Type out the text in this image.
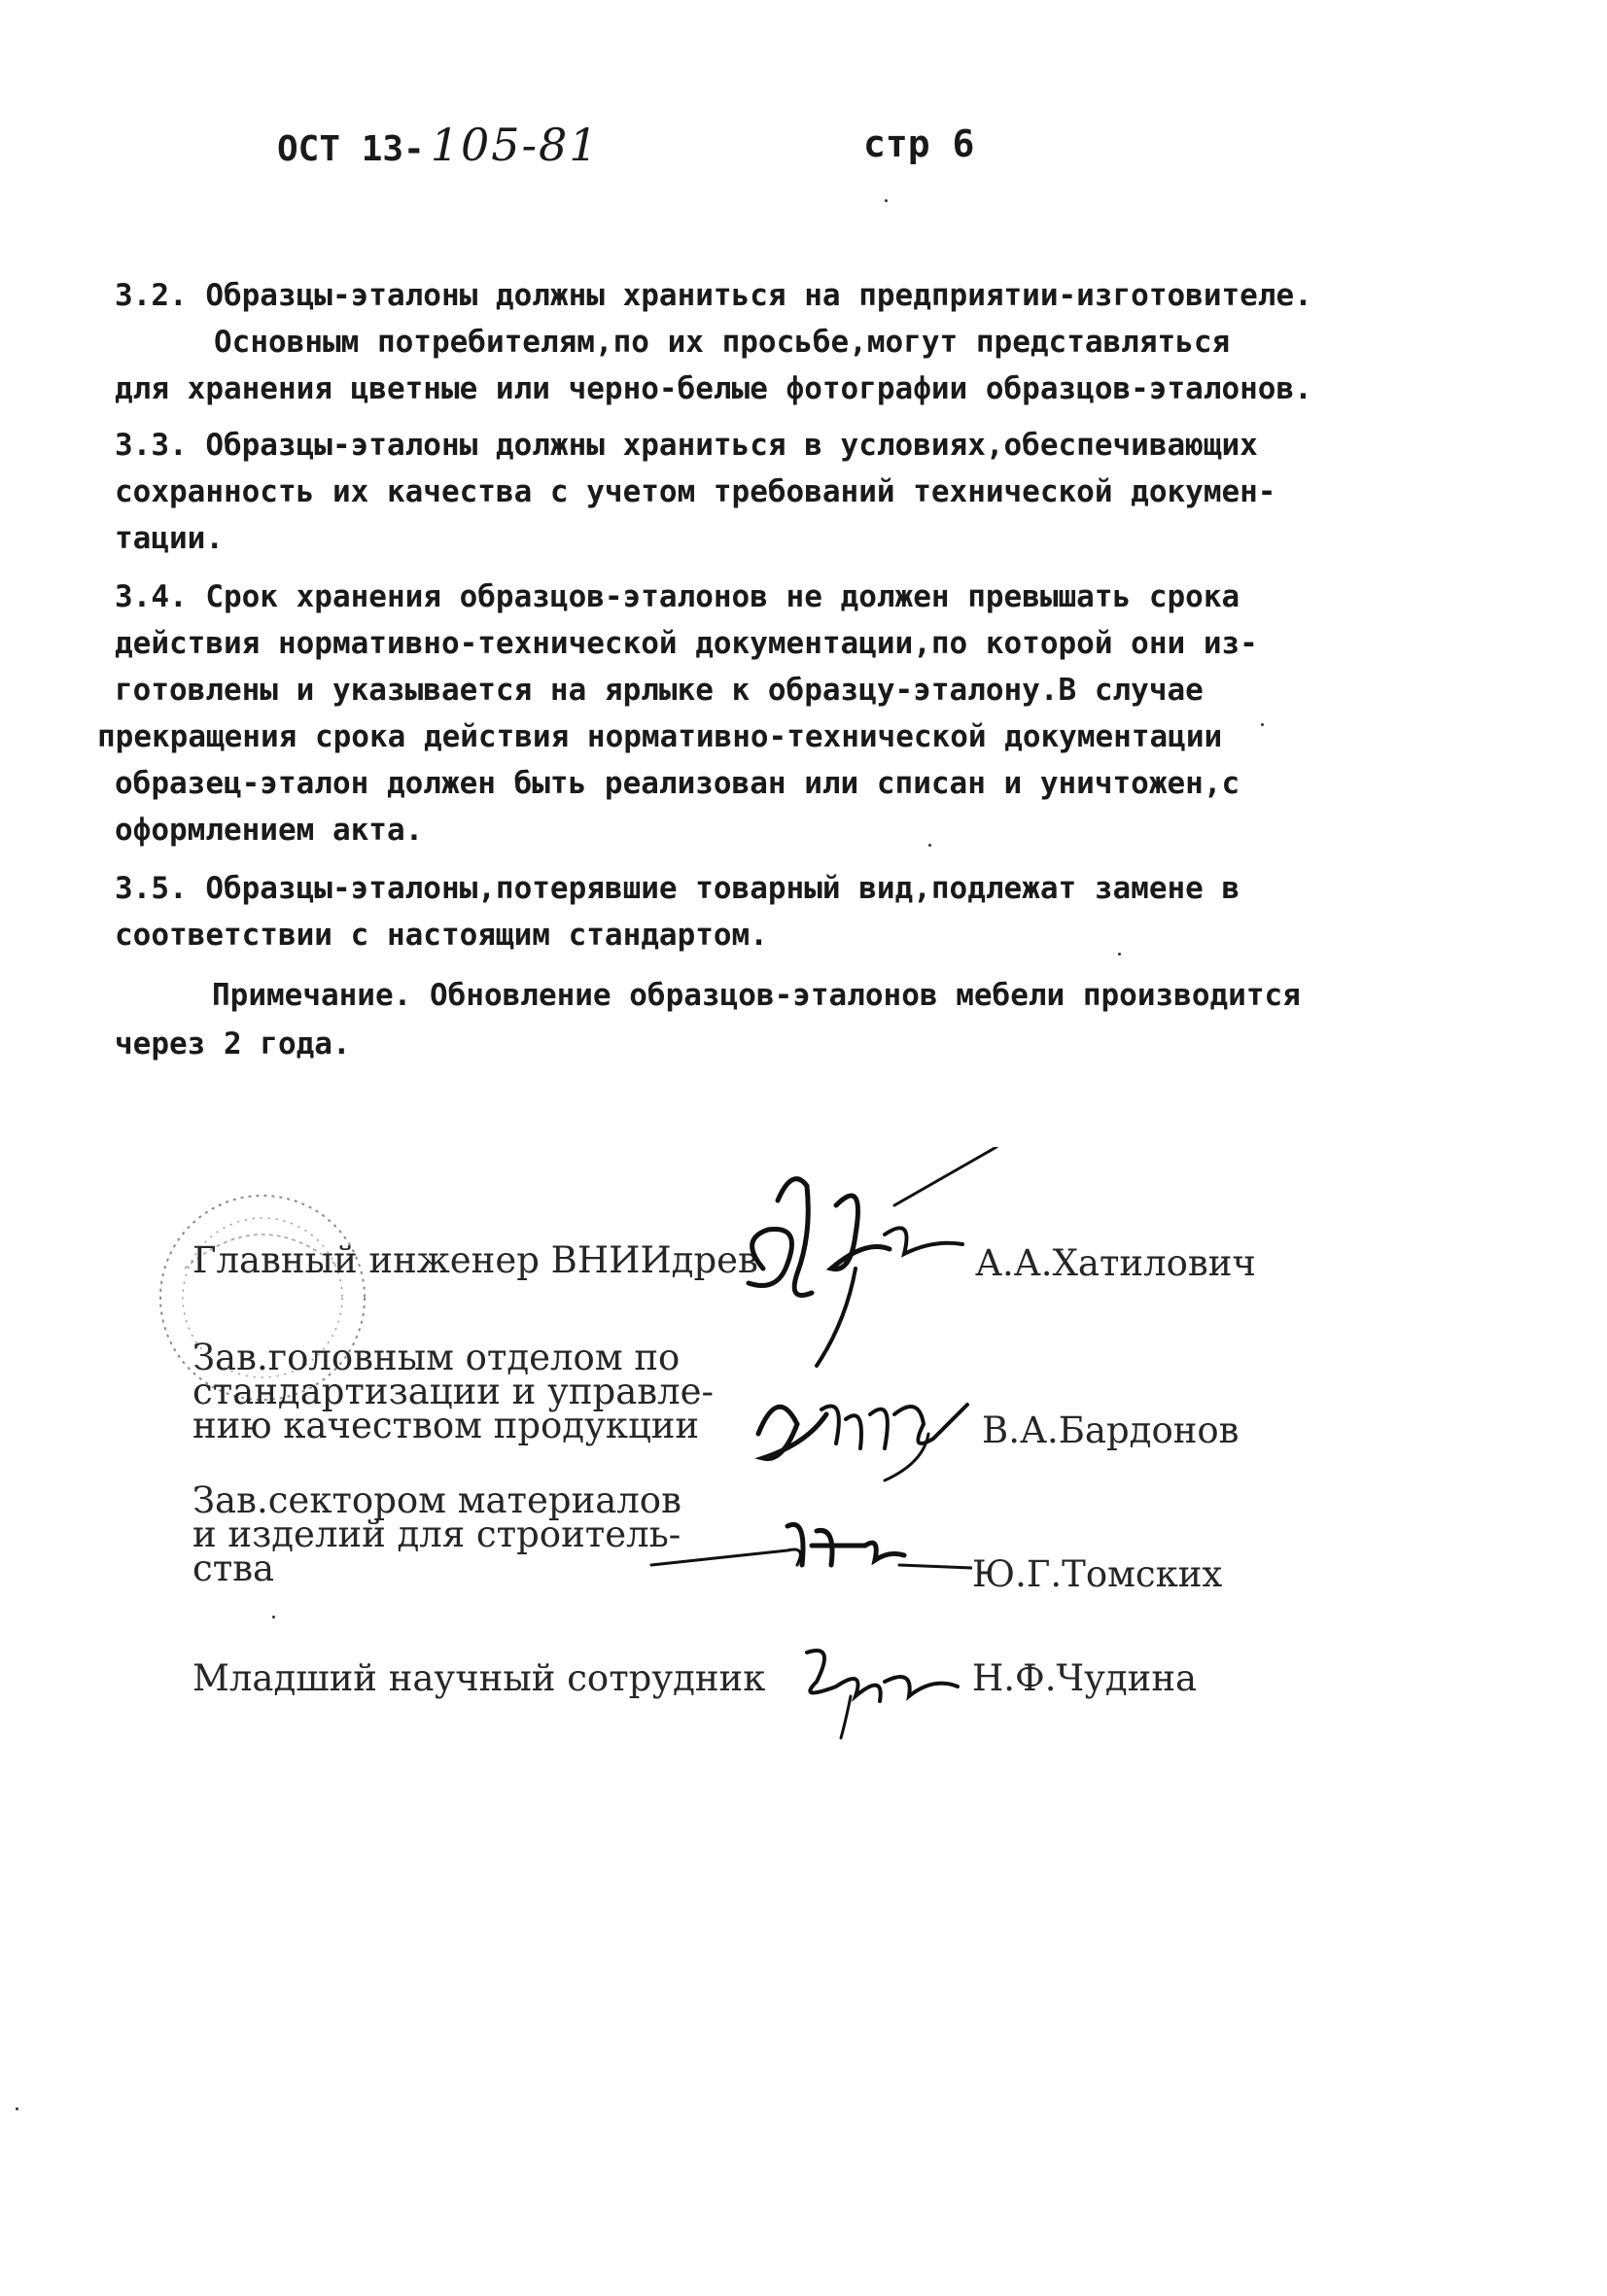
ОСТ 13- 105-81	стр 6
3.2. Образцы-эталоны должны храниться на предприятии-изготовителе.
Основным потребителям,по их просьбе,могут представляться
для хранения цветные или черно-белые фотографии образцов-эталонов.
3.3. Образцы-эталоны должны храниться в условиях,обеспечивающих
сохранность их качества с учетом требований технической докумен-
тации.
3.4. Срок хранения образцов-эталонов не должен превышать срока
действия нормативно-технической документации,по которой они из-
готовлены и указывается на ярлыке к образцу-эталону.В случае
прекращения срока действия нормативно-технической документации
образец-эталон должен быть реализован или списан и уничтожен,с
оформлением акта.
3.5. Образцы-эталоны,потерявшие товарный вид,подлежат замене в
соответствии с настоящим стандартом.
Примечание. Обновление образцов-эталонов мебели производится
через 2 года.
Главный инженер ВНИИдрев	А.А.Хатилович
Зав.головным отделом по
стандартизации и управле-
нию качеством продукции	В.А.Бардонов
Зав.сектором материалов
и изделий для строитель-
ства	Ю.Г.Томских
Младший научный сотрудник	Н.Ф.Чудина
